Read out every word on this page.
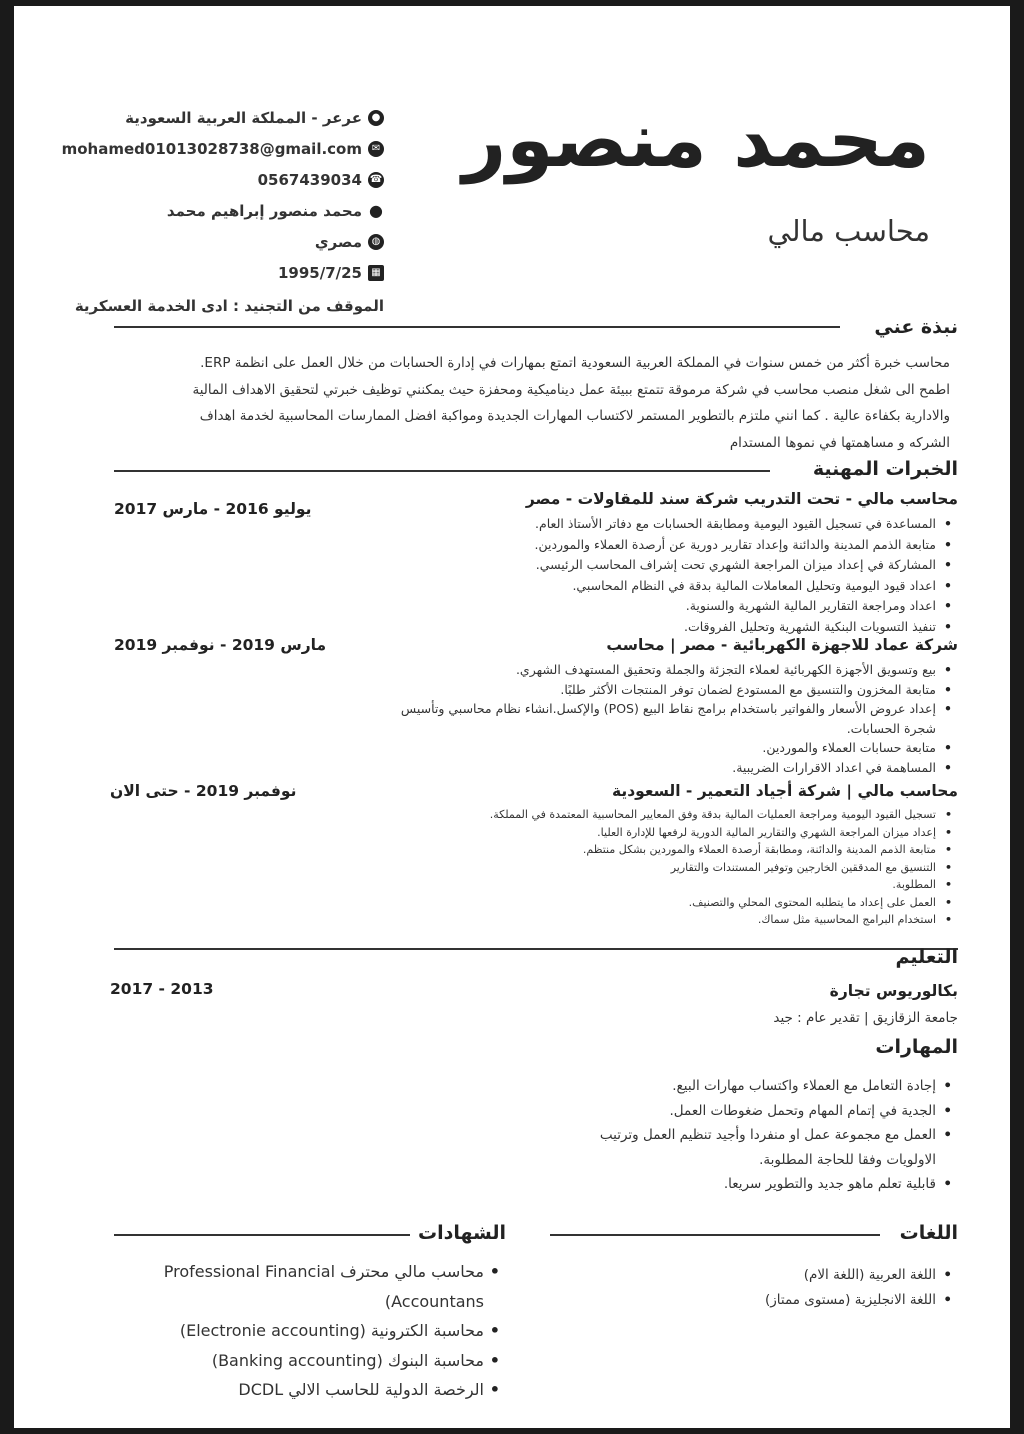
محمد منصور
محاسب مالي
●
عرعر - المملكة العربية السعودية
✉
mohamed01013028738@gmail.com
☎
0567439034
●
محمد منصور إبراهيم محمد
◍
مصري
▦
1995/7/25
الموقف من التجنيد : ادى الخدمة العسكرية
نبذة عني
محاسب خبرة أكثر من خمس سنوات في المملكة العربية السعودية اتمتع بمهارات في إدارة الحسابات من خلال العمل على انظمة ERP.
اطمح الى شغل منصب محاسب في شركة مرموقة تتمتع ببيئة عمل ديناميكية ومحفزة حيث يمكنني توظيف خبرتي لتحقيق الاهداف المالية
والادارية بكفاءة عالية . كما انني ملتزم بالتطوير المستمر لاكتساب المهارات الجديدة ومواكبة افضل الممارسات المحاسبية لخدمة اهداف
الشركه و مساهمتها في نموها المستدام
الخبرات المهنية
محاسب مالي - تحت التدريب شركة سند للمقاولات - مصر
يوليو 2016 - مارس 2017
• المساعدة في تسجيل القيود اليومية ومطابقة الحسابات مع دفاتر الأستاذ العام.
• متابعة الذمم المدينة والدائنة وإعداد تقارير دورية عن أرصدة العملاء والموردين.
• المشاركة في إعداد ميزان المراجعة الشهري تحت إشراف المحاسب الرئيسي.
• اعداد قيود اليومية وتحليل المعاملات المالية بدقة في النظام المحاسبي.
• اعداد ومراجعة التقارير المالية الشهرية والسنوية.
• تنفيذ التسويات البنكية الشهرية وتحليل الفروقات.
شركة عماد للاجهزة الكهربائية - مصر | محاسب
مارس 2019 - نوفمبر 2019
• بيع وتسويق الأجهزة الكهربائية لعملاء التجزئة والجملة وتحقيق المستهدف الشهري.
• متابعة المخزون والتنسيق مع المستودع لضمان توفر المنتجات الأكثر طلبًا.
• إعداد عروض الأسعار والفواتير باستخدام برامج نقاط البيع (POS) والإكسل.انشاء نظام محاسبي وتأسيس شجرة الحسابات.
• متابعة حسابات العملاء والموردين.
• المساهمة في اعداد الاقرارات الضريبية.
محاسب مالي | شركة أجياد التعمير - السعودية
نوفمبر 2019 - حتى الان
• تسجيل القيود اليومية ومراجعة العمليات المالية بدقة وفق المعايير المحاسبية المعتمدة في المملكة.
• إعداد ميزان المراجعة الشهري والتقارير المالية الدورية لرفعها للإدارة العليا.
• متابعة الذمم المدينة والدائنة، ومطابقة أرصدة العملاء والموردين بشكل منتظم.
• التنسيق مع المدققين الخارجين وتوفير المستندات والتقارير
• المطلوبة.
• العمل على إعداد ما يتطلبه المحتوى المحلي والتصنيف.
• استخدام البرامج المحاسبية مثل سماك.
التعليم
بكالوريوس تجارة
2013 - 2017
جامعة الزقازيق | تقدير عام : جيد
المهارات
• إجادة التعامل مع العملاء واكتساب مهارات البيع.
• الجدية في إتمام المهام وتحمل ضغوطات العمل.
• العمل مع مجموعة عمل او منفردا وأجيد تنظيم العمل وترتيب الاولويات وفقا للحاجة المطلوبة.
• قابلية تعلم ماهو جديد والتطوير سريعا.
اللغات
• اللغة العربية (اللغة الام)
• اللغة الانجليزية (مستوى ممتاز)
الشهادات
• محاسب مالي محترف Professional Financial Accountans)
• محاسبة الكترونية (Electronie accounting)
• محاسبة البنوك (Banking accounting)
• الرخصة الدولية للحاسب الالي DCDL
